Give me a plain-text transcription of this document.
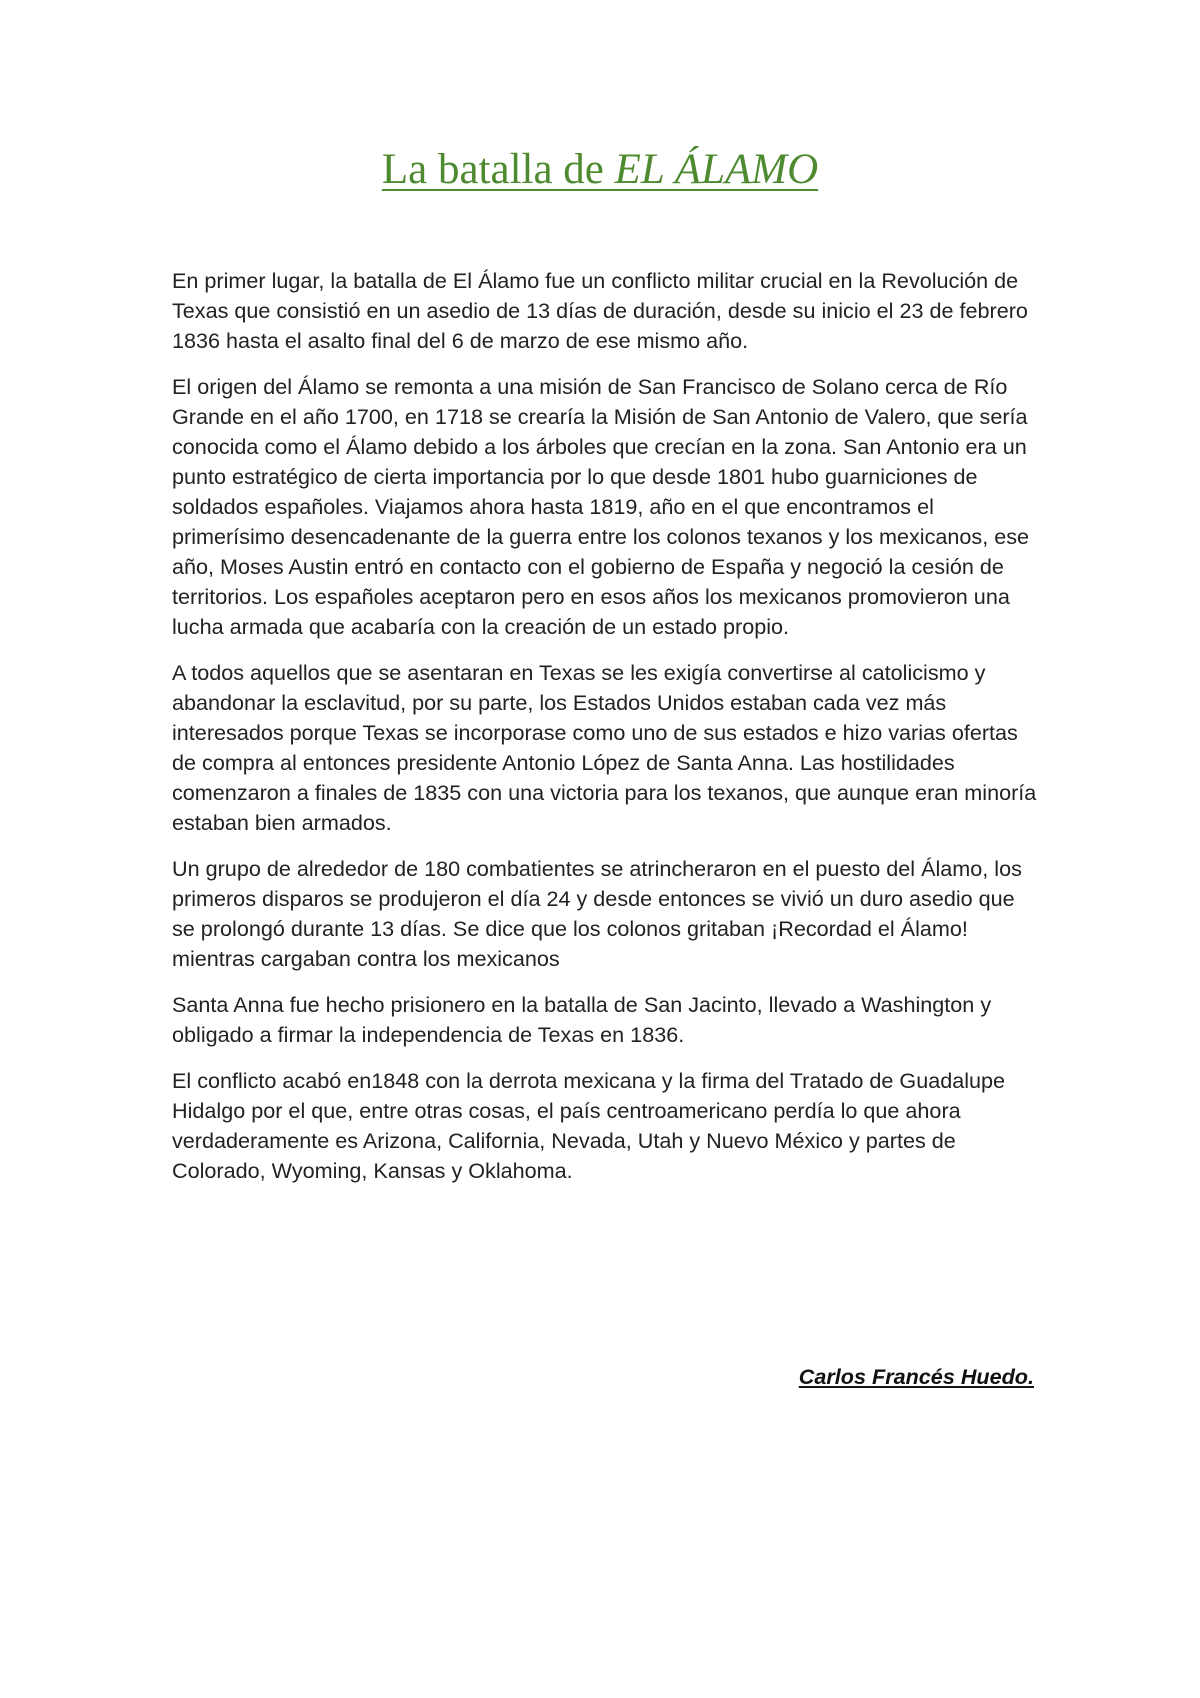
La batalla de EL ÁLAMO

En primer lugar, la batalla de El Álamo fue un conflicto militar crucial en la Revolución de Texas que consistió en un asedio de 13 días de duración, desde su inicio el 23 de febrero 1836 hasta el asalto final del 6 de marzo de ese mismo año.

El origen del Álamo se remonta a una misión de San Francisco de Solano cerca de Río Grande en el año 1700, en 1718 se crearía la Misión de San Antonio de Valero, que sería conocida como el Álamo debido a los árboles que crecían en la zona. San Antonio era un punto estratégico de cierta importancia por lo que desde 1801 hubo guarniciones de soldados españoles. Viajamos ahora hasta 1819, año en el que encontramos el primerísimo desencadenante de la guerra entre los colonos texanos y los mexicanos, ese año, Moses Austin entró en contacto con el gobierno de España y negoció la cesión de territorios. Los españoles aceptaron pero en esos años los mexicanos promovieron una lucha armada que acabaría con la creación de un estado propio.

A todos aquellos que se asentaran en Texas se les exigía convertirse al catolicismo y abandonar la esclavitud, por su parte, los Estados Unidos estaban cada vez más interesados porque Texas se incorporase como uno de sus estados e hizo varias ofertas de compra al entonces presidente Antonio López de Santa Anna. Las hostilidades comenzaron a finales de 1835 con una victoria para los texanos, que aunque eran minoría estaban bien armados.

Un grupo de alrededor de 180 combatientes se atrincheraron en el puesto del Álamo, los primeros disparos se produjeron el día 24 y desde entonces se vivió un duro asedio que se prolongó durante 13 días. Se dice que los colonos gritaban ¡Recordad el Álamo! mientras cargaban contra los mexicanos

Santa Anna fue hecho prisionero en la batalla de San Jacinto, llevado a Washington y obligado a firmar la independencia de Texas en 1836.

El conflicto acabó en1848 con la derrota mexicana y la firma del Tratado de Guadalupe Hidalgo por el que, entre otras cosas, el país centroamericano perdía lo que ahora verdaderamente es Arizona, California, Nevada, Utah y Nuevo México y partes de Colorado, Wyoming, Kansas y Oklahoma.

Carlos Francés Huedo.
